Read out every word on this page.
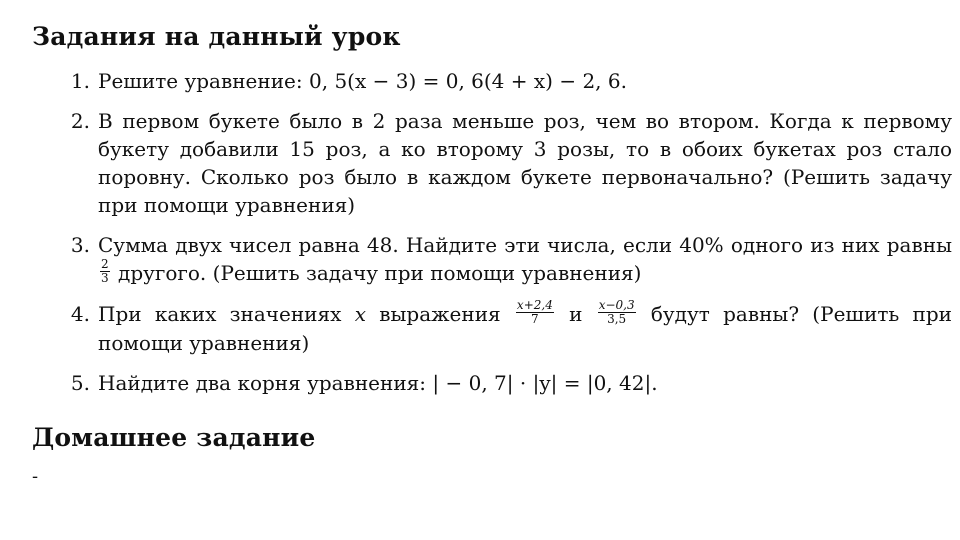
Задания на данный урок
1. Решите уравнение: 0, 5(x − 3) = 0, 6(4 + x) − 2, 6.
2. В первом букете было в 2 раза меньше роз, чем во втором. Когда к первому букету добавили 15 роз, а ко второму 3 розы, то в обоих букетах роз стало поровну. Сколько роз было в каждом букете первоначально? (Решить задачу при помощи уравнения)
3. Сумма двух чисел равна 48. Найдите эти числа, если 40% одного из них равны
$\frac{2}{3}$ другого. (Решить задачу при помощи уравнения)
4. При каких значениях x выражения $\frac{x+2,4}{7}$ и $\frac{x-0,3}{3,5}$ будут равны? (Решить при помощи уравнения)
5. Найдите два корня уравнения: | − 0, 7| · |y| = |0, 42|.
Домашнее задание
-
